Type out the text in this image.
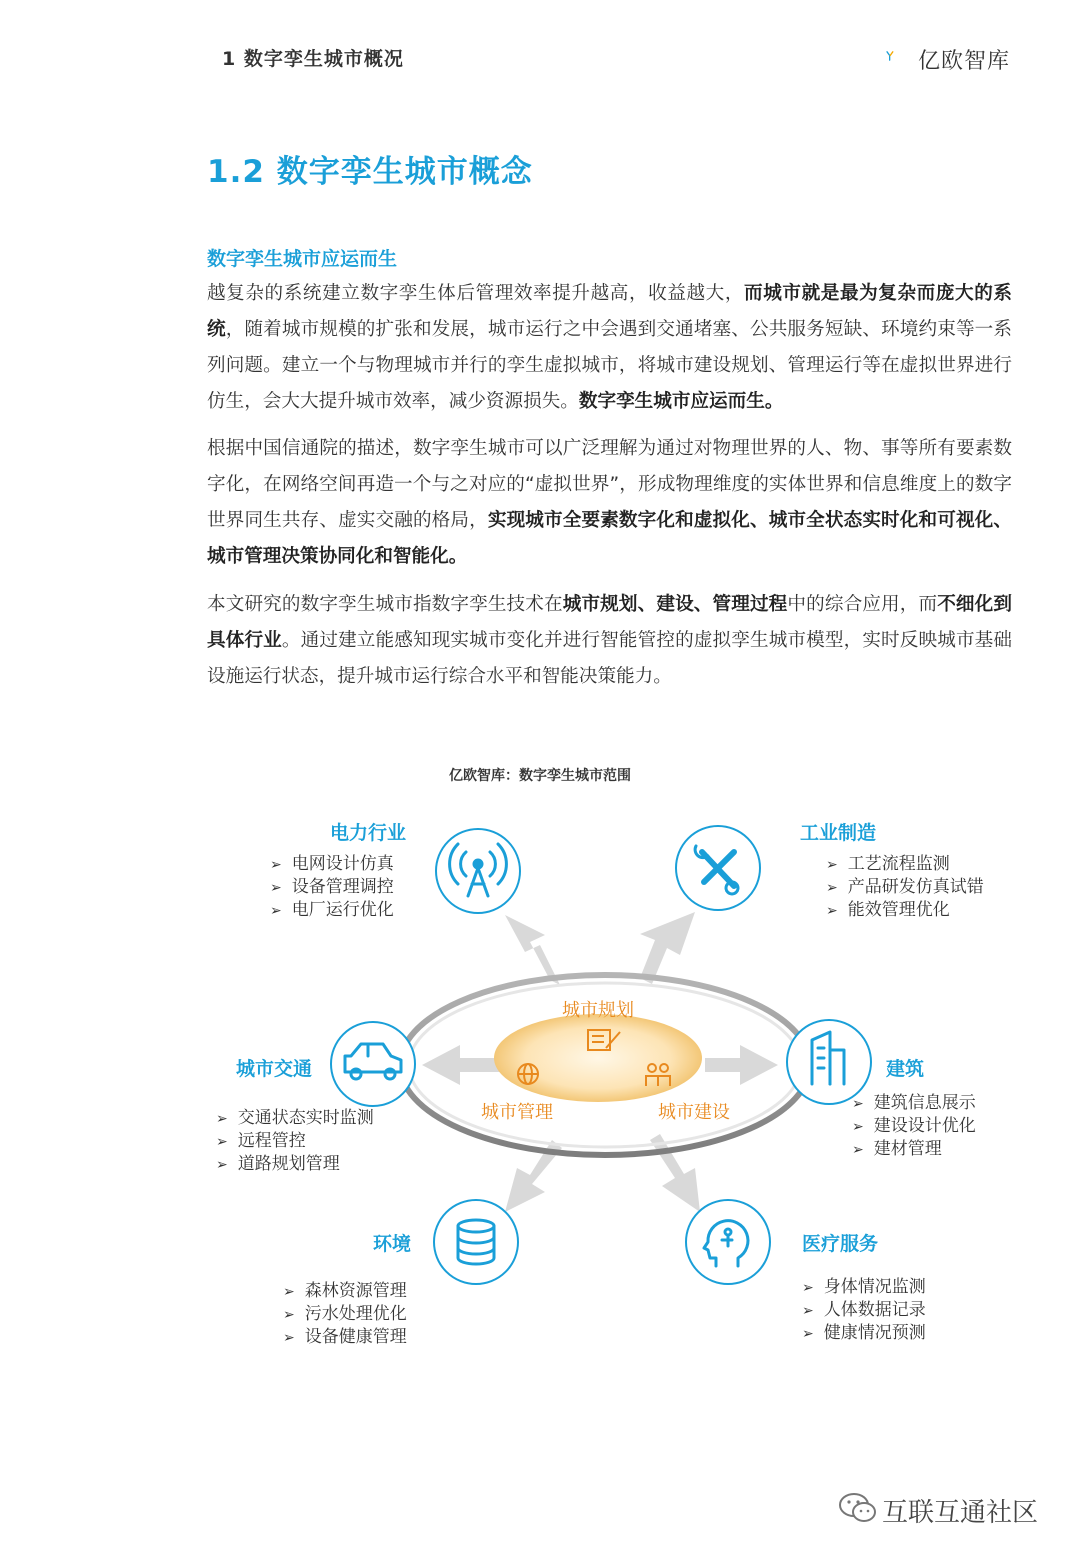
1 数字孪生城市概况	亿欧智库
1.2 数字孪生城市概念
数字孪生城市应运而生
越复杂的系统建立数字孪生体后管理效率提升越高，收益越大，而城市就是最为复杂而庞大的系统，随着城市规模的扩张和发展，城市运行之中会遇到交通堵塞、公共服务短缺、环境约束等一系列问题。建立一个与物理城市并行的孪生虚拟城市，将城市建设规划、管理运行等在虚拟世界进行仿生，会大大提升城市效率，减少资源损失。数字孪生城市应运而生。
根据中国信通院的描述，数字孪生城市可以广泛理解为通过对物理世界的人、物、事等所有要素数字化，在网络空间再造一个与之对应的“虚拟世界”，形成物理维度的实体世界和信息维度上的数字世界同生共存、虚实交融的格局，实现城市全要素数字化和虚拟化、城市全状态实时化和可视化、城市管理决策协同化和智能化。
本文研究的数字孪生城市指数字孪生技术在城市规划、建设、管理过程中的综合应用，而不细化到具体行业。通过建立能感知现实城市变化并进行智能管控的虚拟孪生城市模型，实时反映城市基础设施运行状态，提升城市运行综合水平和智能决策能力。
亿欧智库：数字孪生城市范围
城市规划
城市管理	城市建设
电力行业
➢ 电网设计仿真
➢ 设备管理调控
➢ 电厂运行优化
工业制造
➢ 工艺流程监测
➢ 产品研发仿真试错
➢ 能效管理优化
城市交通
➢ 交通状态实时监测
➢ 远程管控
➢ 道路规划管理
建筑
➢ 建筑信息展示
➢ 建设设计优化
➢ 建材管理
环境
➢ 森林资源管理
➢ 污水处理优化
➢ 设备健康管理
医疗服务
➢ 身体情况监测
➢ 人体数据记录
➢ 健康情况预测
互联互通社区
